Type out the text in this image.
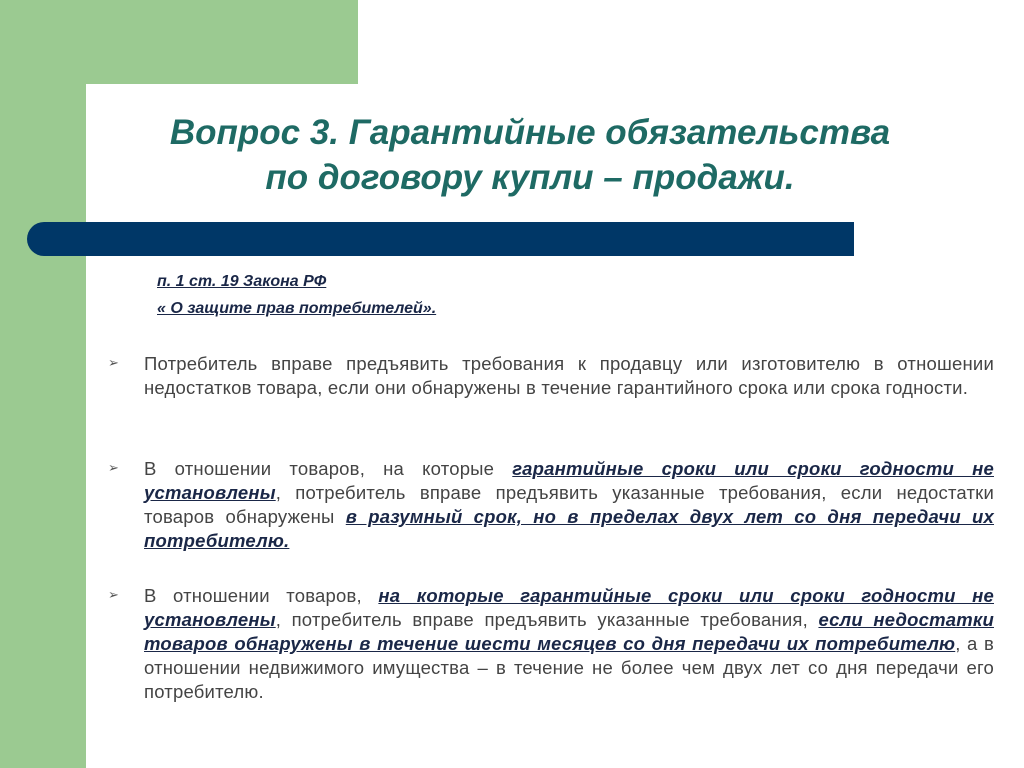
Вопрос 3. Гарантийные обязательства
по договору купли – продажи.
п. 1 ст. 19 Закона РФ
« О защите прав потребителей».
➢ Потребитель вправе предъявить требования к продавцу или изготовителю в отношении недостатков товара, если они обнаружены в течение гарантийного срока или срока годности.

➢ В отношении товаров, на которые гарантийные сроки или сроки годности не установлены, потребитель вправе предъявить указанные требования, если недостатки товаров обнаружены в разумный срок, но в пределах двух лет со дня передачи их потребителю.

➢ В отношении товаров, на которые гарантийные сроки или сроки годности не установлены, потребитель вправе предъявить указанные требования, если недостатки товаров обнаружены в течение шести месяцев со дня передачи их потребителю, а в отношении недвижимого имущества – в течение не более чем двух лет со дня передачи его потребителю.
